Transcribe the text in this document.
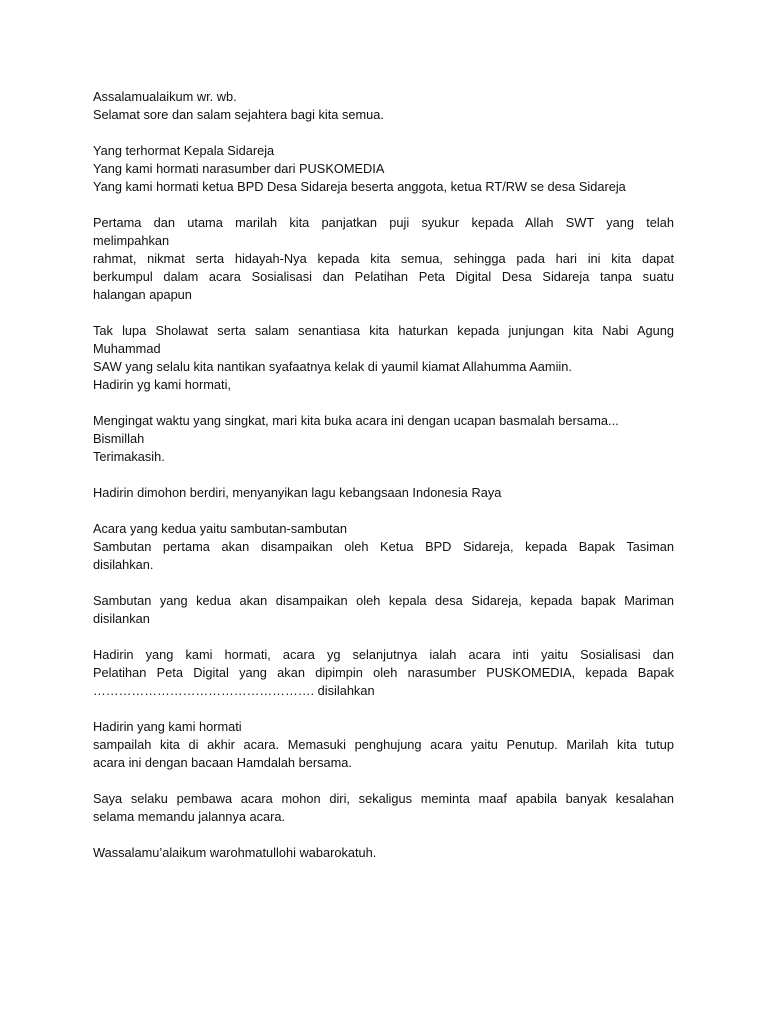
Assalamualaikum wr. wb.
Selamat sore dan salam sejahtera bagi kita semua.
Yang terhormat Kepala Sidareja
Yang kami hormati narasumber dari PUSKOMEDIA
Yang kami hormati ketua BPD Desa Sidareja beserta anggota, ketua RT/RW se desa Sidareja
Pertama dan utama marilah kita panjatkan puji syukur kepada Allah SWT yang telah
melimpahkan
rahmat, nikmat serta hidayah-Nya kepada kita semua, sehingga pada hari ini kita dapat
berkumpul dalam acara Sosialisasi dan Pelatihan Peta Digital Desa Sidareja tanpa suatu
halangan apapun
Tak lupa Sholawat serta salam senantiasa kita haturkan kepada junjungan kita Nabi Agung
Muhammad
SAW yang selalu kita nantikan syafaatnya kelak di yaumil kiamat Allahumma Aamiin.
Hadirin yg kami hormati,
Mengingat waktu yang singkat, mari kita buka acara ini dengan ucapan basmalah bersama...
Bismillah
Terimakasih.
Hadirin dimohon berdiri, menyanyikan lagu kebangsaan Indonesia Raya
Acara yang kedua yaitu sambutan-sambutan
Sambutan pertama akan disampaikan oleh Ketua BPD Sidareja, kepada Bapak Tasiman
disilahkan.
Sambutan yang kedua akan disampaikan oleh kepala desa Sidareja, kepada bapak Mariman
disilankan
Hadirin yang kami hormati, acara yg selanjutnya ialah acara inti yaitu Sosialisasi dan
Pelatihan Peta Digital yang akan dipimpin oleh narasumber PUSKOMEDIA, kepada Bapak
……………………………………………. disilahkan
Hadirin yang kami hormati
sampailah kita di akhir acara. Memasuki penghujung acara yaitu Penutup. Marilah kita tutup
acara ini dengan bacaan Hamdalah bersama.
Saya selaku pembawa acara mohon diri, sekaligus meminta maaf apabila banyak kesalahan
selama memandu jalannya acara.
Wassalamu’alaikum warohmatullohi wabarokatuh.
